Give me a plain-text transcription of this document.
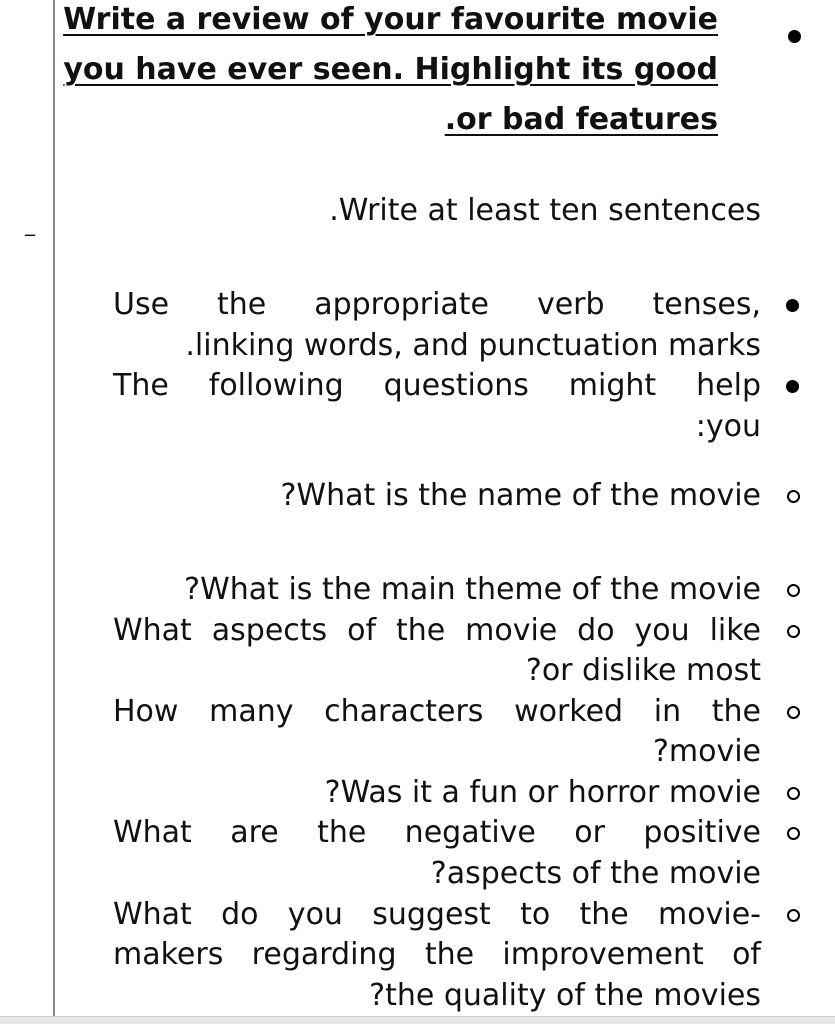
Write a review of your favourite movie
you have ever seen. Highlight its good
.or bad features
_	.Write at least ten sentences
Use the appropriate verb tenses,
.linking words, and punctuation marks
The following questions might help
:you
?What is the name of the movie
?What is the main theme of the movie
What aspects of the movie do you like
?or dislike most
How many characters worked in the
?movie
?Was it a fun or horror movie
What are the negative or positive
?aspects of the movie
What do you suggest to the movie-
makers regarding the improvement of
?the quality of the movies
